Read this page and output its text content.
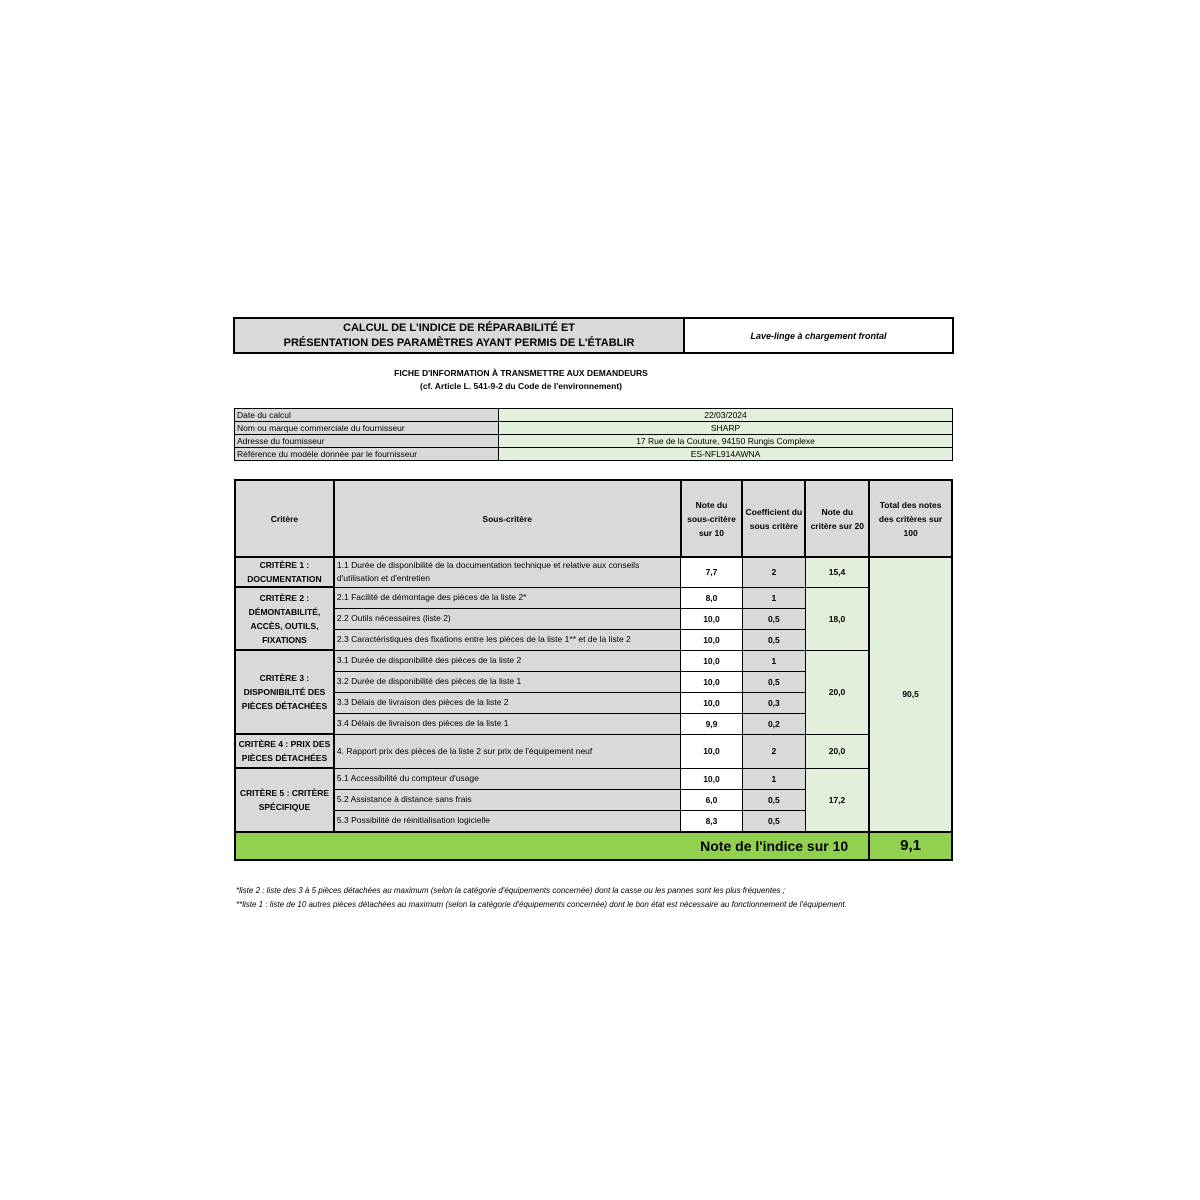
CALCUL DE L'INDICE DE RÉPARABILITÉ ET
PRÉSENTATION DES PARAMÈTRES AYANT PERMIS DE L'ÉTABLIR
Lave-linge à chargement frontal
FICHE D'INFORMATION À TRANSMETTRE AUX DEMANDEURS
(cf. Article L. 541-9-2 du Code de l'environnement)
Date du calcul	22/03/2024
Nom ou marque commerciale du fournisseur	SHARP
Adresse du fournisseur	17 Rue de la Couture, 94150 Rungis Complexe
Référence du modèle donnée par le fournisseur	ES-NFL914AWNA
Critère	Sous-critère	Note du sous-critère sur 10	Coefficient du sous critère	Note du critère sur 20	Total des notes des critères sur 100
CRITÈRE 1 : DOCUMENTATION	1.1 Durée de disponibilité de la documentation technique et relative aux conseils d'utilisation et d'entretien	7,7	2	15,4	90,5
CRITÈRE 2 : DÉMONTABILITÉ, ACCÈS, OUTILS, FIXATIONS	2.1 Facilité de démontage des pièces de la liste 2*	8,0	1	18,0	
	2.2 Outils nécessaires (liste 2)	10,0	0,5		
	2.3 Caractéristiques des fixations entre les pièces de la liste 1** et de la liste 2	10,0	0,5		
CRITÈRE 3 : DISPONIBILITÉ DES PIÈCES DÉTACHÉES	3.1 Durée de disponibilité des pièces de la liste 2	10,0	1	20,0	
	3.2 Durée de disponibilité des pièces de la liste 1	10,0	0,5		
	3.3 Délais de livraison des pièces de la liste 2	10,0	0,3		
	3.4 Délais de livraison des pièces de la liste 1	9,9	0,2		
CRITÈRE 4 : PRIX DES PIÈCES DÉTACHÉES	4. Rapport prix des pièces de la liste 2 sur prix de l'équipement neuf	10,0	2	20,0	
CRITÈRE 5 : CRITÈRE SPÉCIFIQUE	5.1 Accessibilité du compteur d'usage	10,0	1	17,2	
	5.2 Assistance à distance sans frais	6,0	0,5		
	5.3 Possibilité de réinitialisation logicielle	8,3	0,5		
Note de l'indice sur 10					9,1
*liste 2 : liste des 3 à 5 pièces détachées au maximum (selon la catégorie d'équipements concernée) dont la casse ou les pannes sont les plus fréquentes ;
**liste 1 : liste de 10 autres pièces détachées au maximum (selon la catégorie d'équipements concernée) dont le bon état est nécessaire au fonctionnement de l'équipement.
